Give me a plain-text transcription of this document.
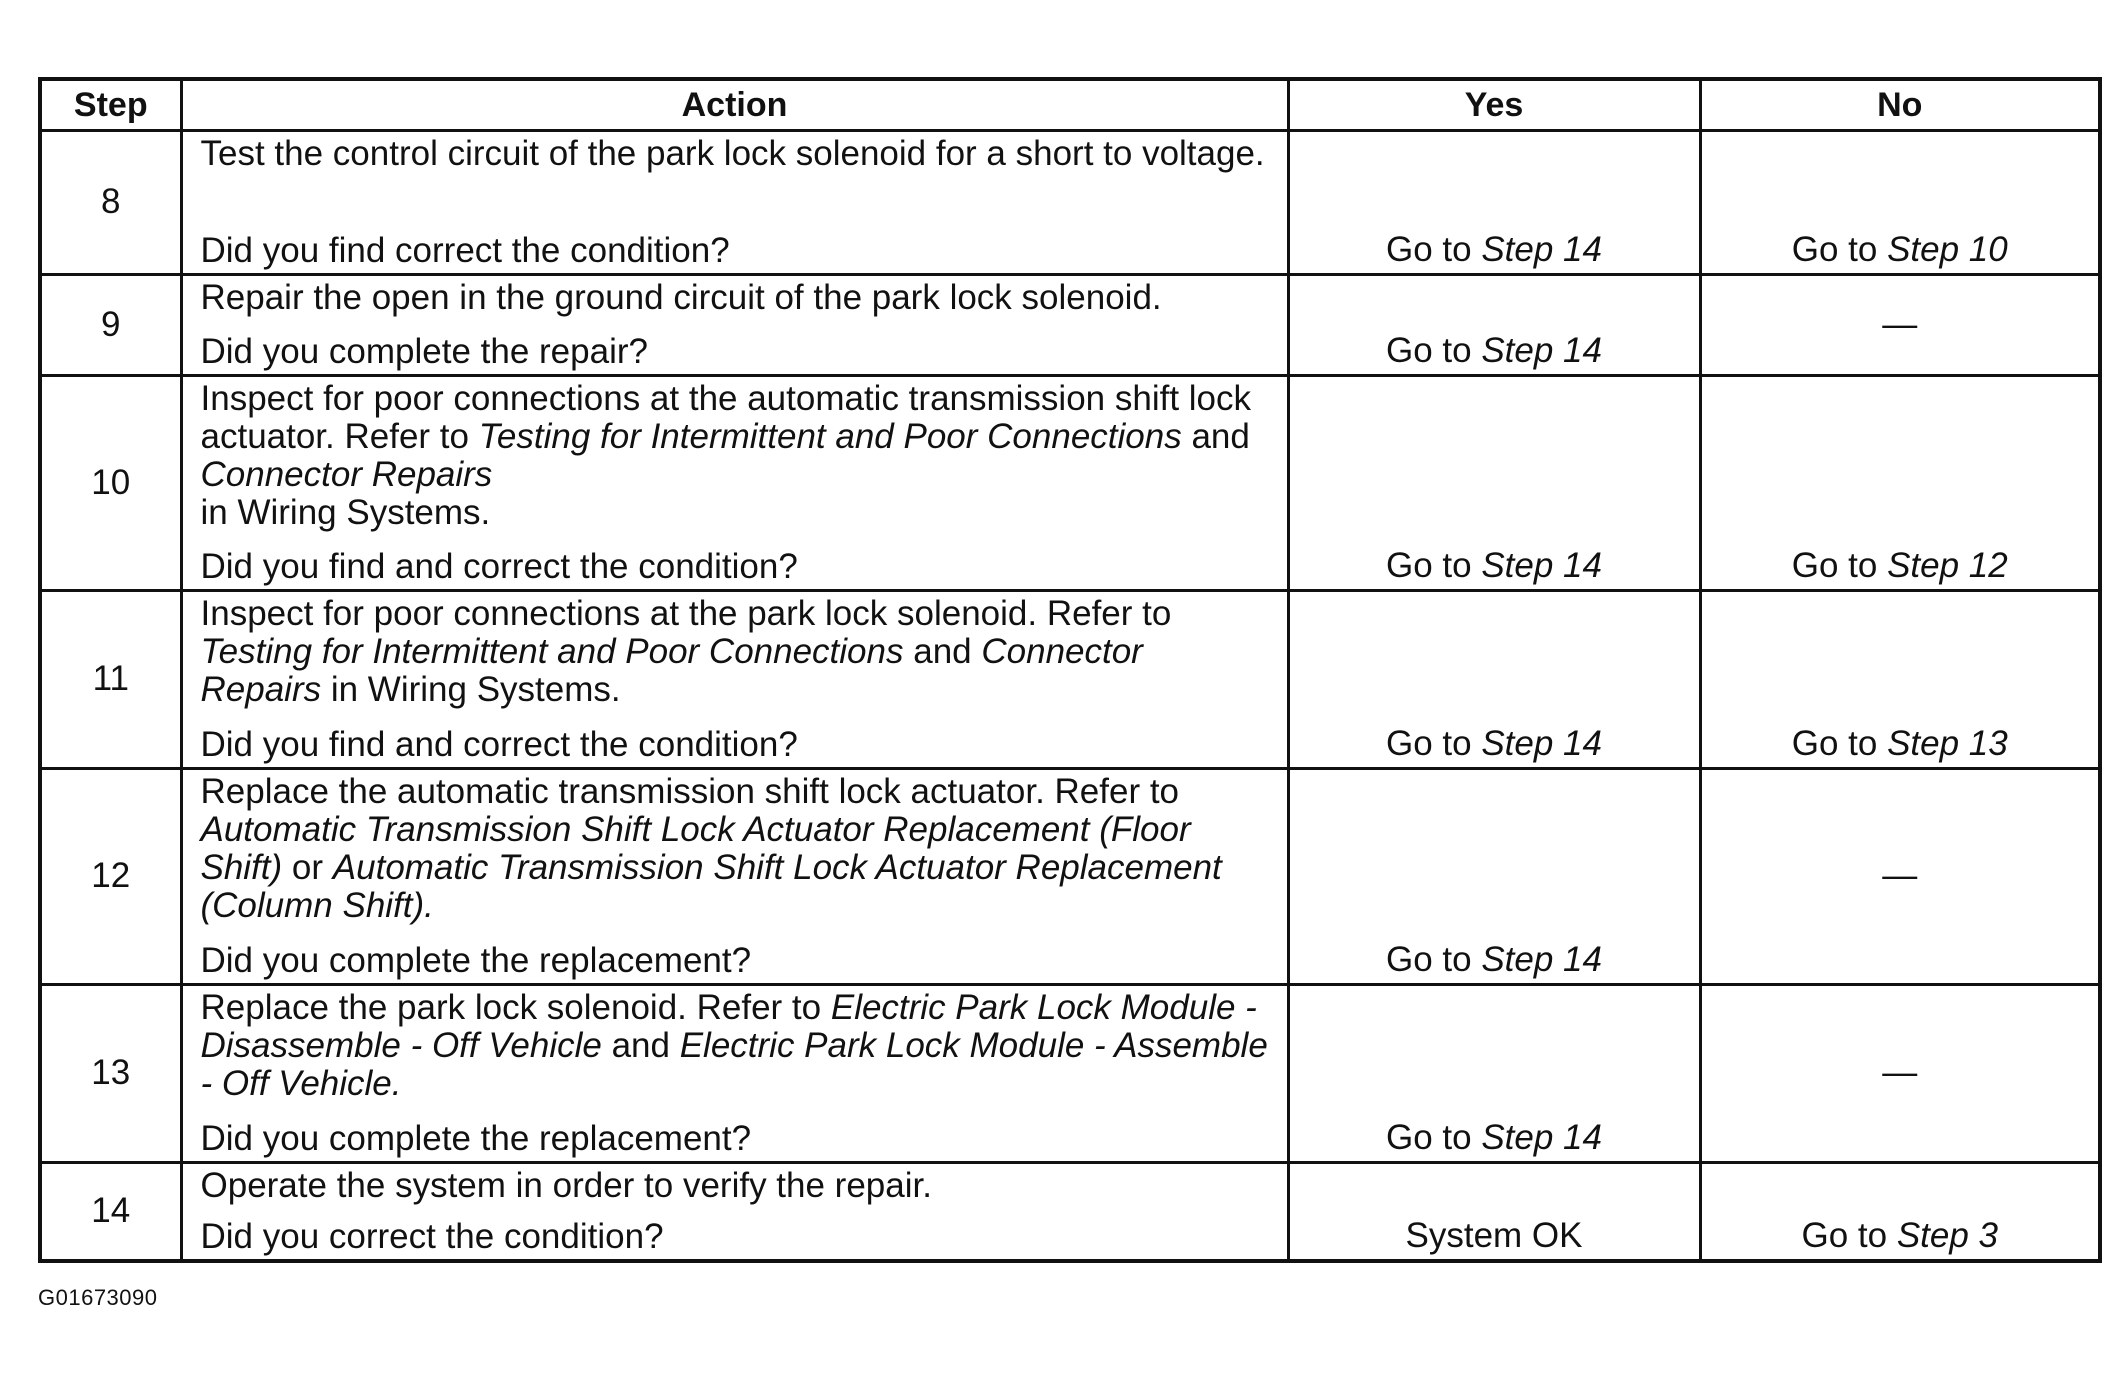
Step	Action	Yes	No
8	Test the control circuit of the park lock solenoid for a short to voltage.
Did you find correct the condition?	Go to Step 14	Go to Step 10

9	Repair the open in the ground circuit of the park lock solenoid.
Did you complete the repair?	Go to Step 14	—

10	Inspect for poor connections at the automatic transmission shift lock actuator. Refer to Testing for Intermittent and Poor Connections and Connector Repairs
in Wiring Systems.
Did you find and correct the condition?	Go to Step 14	Go to Step 12

11	Inspect for poor connections at the park lock solenoid. Refer to Testing for Intermittent and Poor Connections and Connector Repairs in Wiring Systems.
Did you find and correct the condition?	Go to Step 14	Go to Step 13

12	Replace the automatic transmission shift lock actuator. Refer to Automatic Transmission Shift Lock Actuator Replacement (Floor Shift) or Automatic Transmission Shift Lock Actuator Replacement (Column Shift).
Did you complete the replacement?	Go to Step 14	—

13	Replace the park lock solenoid. Refer to Electric Park Lock Module - Disassemble - Off Vehicle and Electric Park Lock Module - Assemble - Off Vehicle.
Did you complete the replacement?	Go to Step 14	—

14	Operate the system in order to verify the repair.
Did you correct the condition?	System OK	Go to Step 3
G01673090
